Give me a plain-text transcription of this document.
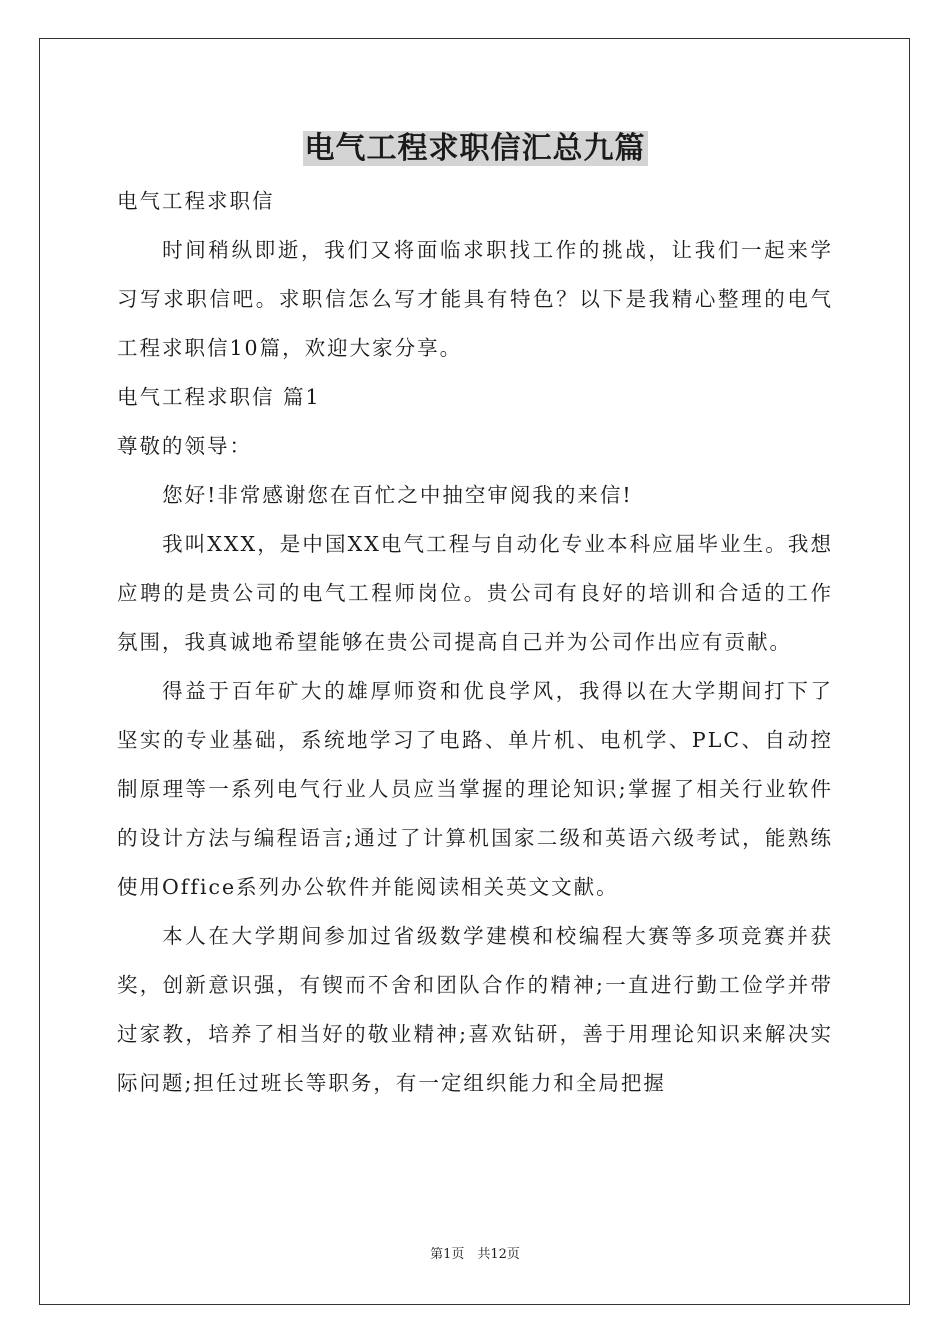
电气工程求职信汇总九篇

电气工程求职信

时间稍纵即逝，我们又将面临求职找工作的挑战，让我们一起来学习写求职信吧。求职信怎么写才能具有特色？以下是我精心整理的电气工程求职信10篇，欢迎大家分享。

电气工程求职信 篇1

尊敬的领导：

您好!非常感谢您在百忙之中抽空审阅我的来信!

我叫XXX，是中国XX电气工程与自动化专业本科应届毕业生。我想应聘的是贵公司的电气工程师岗位。贵公司有良好的培训和合适的工作氛围，我真诚地希望能够在贵公司提高自己并为公司作出应有贡献。

得益于百年矿大的雄厚师资和优良学风，我得以在大学期间打下了坚实的专业基础，系统地学习了电路、单片机、电机学、PLC、自动控制原理等一系列电气行业人员应当掌握的理论知识;掌握了相关行业软件的设计方法与编程语言;通过了计算机国家二级和英语六级考试，能熟练使用Office系列办公软件并能阅读相关英文文献。

本人在大学期间参加过省级数学建模和校编程大赛等多项竞赛并获奖，创新意识强，有锲而不舍和团队合作的精神;一直进行勤工俭学并带过家教，培养了相当好的敬业精神;喜欢钻研，善于用理论知识来解决实际问题;担任过班长等职务，有一定组织能力和全局把握

第1页　共12页
